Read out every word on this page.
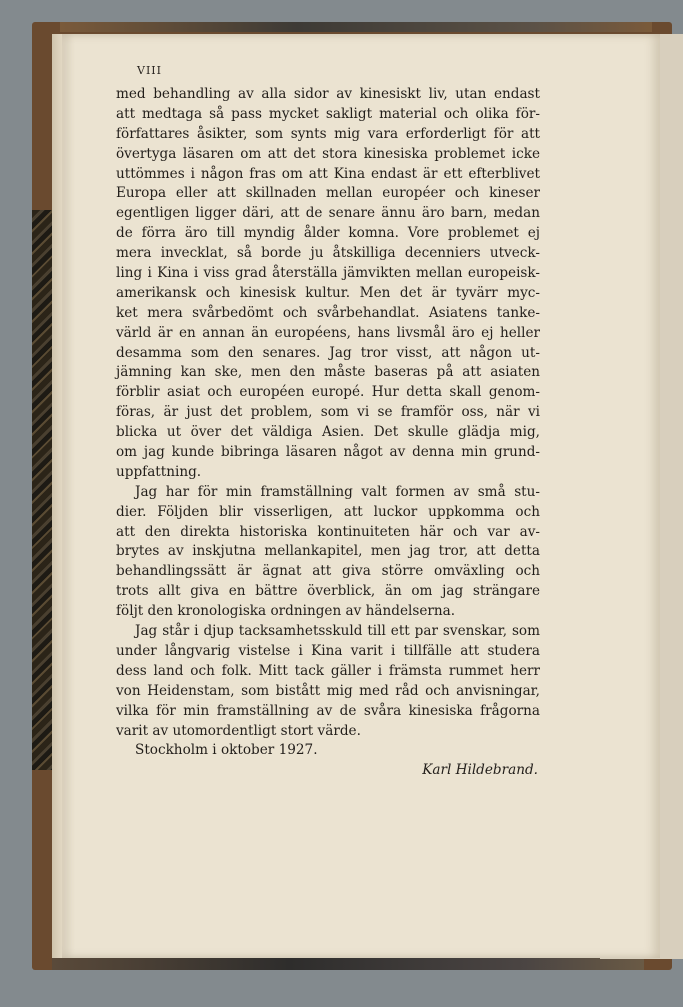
VIII
med behandling av alla sidor av kinesiskt liv, utan endast
att medtaga så pass mycket sakligt material och olika för-
författares åsikter, som synts mig vara erforderligt för att
övertyga läsaren om att det stora kinesiska problemet icke
uttömmes i någon fras om att Kina endast är ett efterblivet
Europa eller att skillnaden mellan européer och kineser
egentligen ligger däri, att de senare ännu äro barn, medan
de förra äro till myndig ålder komna. Vore problemet ej
mera invecklat, så borde ju åtskilliga decenniers utveck-
ling i Kina i viss grad återställa jämvikten mellan europeisk-
amerikansk och kinesisk kultur. Men det är tyvärr myc-
ket mera svårbedömt och svårbehandlat. Asiatens tanke-
värld är en annan än européens, hans livsmål äro ej heller
desamma som den senares. Jag tror visst, att någon ut-
jämning kan ske, men den måste baseras på att asiaten
förblir asiat och européen europé. Hur detta skall genom-
föras, är just det problem, som vi se framför oss, när vi
blicka ut över det väldiga Asien. Det skulle glädja mig,
om jag kunde bibringa läsaren något av denna min grund-
uppfattning.
Jag har för min framställning valt formen av små stu-
dier. Följden blir visserligen, att luckor uppkomma och
att den direkta historiska kontinuiteten här och var av-
brytes av inskjutna mellankapitel, men jag tror, att detta
behandlingssätt är ägnat att giva större omväxling och
trots allt giva en bättre överblick, än om jag strängare
följt den kronologiska ordningen av händelserna.
Jag står i djup tacksamhetsskuld till ett par svenskar, som
under långvarig vistelse i Kina varit i tillfälle att studera
dess land och folk. Mitt tack gäller i främsta rummet herr
von Heidenstam, som bistått mig med råd och anvisningar,
vilka för min framställning av de svåra kinesiska frågorna
varit av utomordentligt stort värde.
Stockholm i oktober 1927.
Karl Hildebrand.
